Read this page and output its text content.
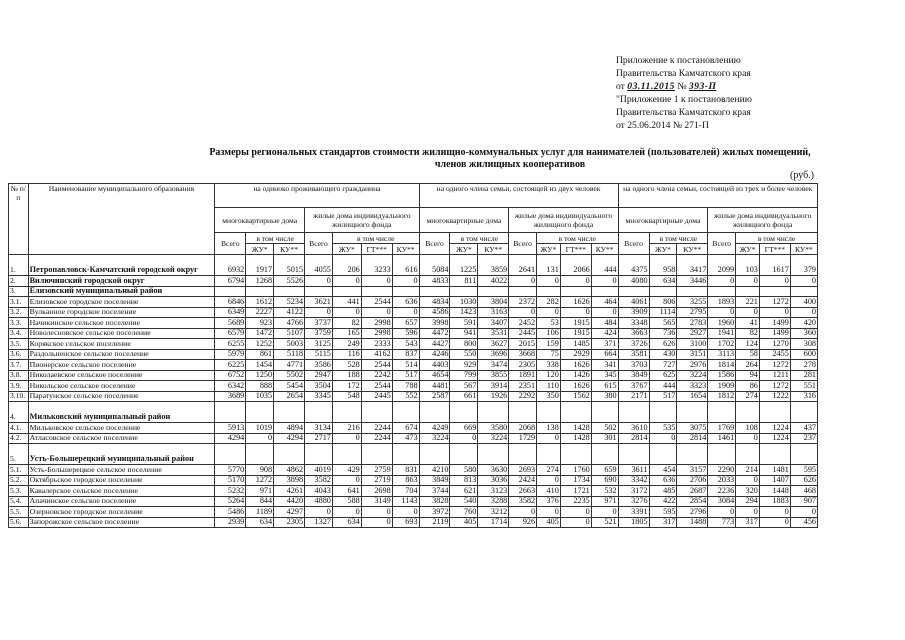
Приложение к постановлению
Правительства Камчатского края
от 03.11.2015 № 393-П
"Приложение 1 к постановлению
Правительства Камчатского края
от 25.06.2014 № 271-П
Размеры региональных стандартов стоимости жилищно-коммунальных услуг для нанимателей (пользователей) жилых помещений, членов жилищных кооперативов
(руб.)
№ п/п	Наименование муниципального образования	на одиноко проживающего гражданина							на одного члена семьи, состоящей из двух человек							на одного члена семьи, состоящей из трех и более человек						
		многоквартирные дома			жилые дома индивидуального жилищного фонда				многоквартирные дома			жилые дома индивидуального жилищного фонда				многоквартирные дома			жилые дома индивидуального жилищного фонда			
		Всего	в том числе		Всего	в том числе			Всего	в том числе		Всего	в том числе			Всего	в том числе		Всего	в том числе		
			ЖУ*	КУ**		ЖУ*	ГТ***	КУ**		ЖУ*	КУ**		ЖУ*	ГТ***	КУ**		ЖУ*	КУ**		ЖУ*	ГТ***	КУ**
1.	Петропавловск-Камчатский городской округ	6932	1917	5015	4055	206	3233	616	5084	1225	3859	2641	131	2066	444	4375	958	3417	2099	103	1617	379
2.	Вилючинский городской округ	6794	1268	5526	0	0	0	0	4833	811	4022	0	0	0	0	4080	634	3446	0	0	0	0
3.	Елизовский муниципальный район																					
3.1.	Елизовское городское поселение	6846	1612	5234	3621	441	2544	636	4834	1030	3804	2372	282	1626	464	4061	806	3255	1893	221	1272	400
3.2.	Вулканное городское поселение	6349	2227	4122	0	0	0	0	4586	1423	3163	0	0	0	0	3909	1114	2795	0	0	0	0
3.3.	Начикинское сельское поселение	5689	923	4766	3737	82	2998	657	3998	591	3407	2452	53	1915	484	3348	565	2783	1960	41	1499	420
3.4.	Новолесновское сельское поселение	6579	1472	5107	3759	165	2998	596	4472	941	3531	2445	106	1915	424	3663	736	2927	1941	82	1499	360
3.5.	Корякское сельское поселение	6255	1252	5003	3125	249	2333	543	4427	800	3627	2015	159	1485	371	3726	626	3100	1702	124	1270	308
3.6.	Раздольненское сельское поселение	5979	861	5118	5115	116	4162	837	4246	550	3696	3668	75	2929	664	3581	430	3151	3113	58	2455	600
3.7.	Пионерское сельское поселение	6225	1454	4771	3586	528	2544	514	4403	929	3474	2305	338	1626	341	3703	727	2976	1814	264	1272	278
3.8.	Николаевское сельское поселение	6752	1250	5502	2947	188	2242	517	4654	799	3855	1891	120	1426	345	3849	625	3224	1586	94	1211	281
3.9.	Никольское сельское поселение	6342	888	5454	3504	172	2544	788	4481	567	3914	2351	110	1626	615	3767	444	3323	1909	86	1272	551
3.10.	Паратунское сельское поселение	3689	1035	2654	3345	548	2445	552	2587	661	1926	2292	350	1562	380	2171	517	1654	1812	274	1222	316
4.	Мильковский муниципальный район																					
4.1.	Мильковское сельское поселение	5913	1019	4894	3134	216	2244	674	4249	669	3580	2068	138	1428	502	3610	535	3075	1769	108	1224	437
4.2.	Атласовское сельское поселение	4294	0	4294	2717	0	2244	473	3224	0	3224	1729	0	1428	301	2814	0	2814	1461	0	1224	237
5.	Усть-Большерецкий муниципальный район																					
5.1.	Усть-Большерецкое сельское поселение	5770	908	4862	4019	429	2759	831	4210	580	3630	2693	274	1760	659	3611	454	3157	2290	214	1481	595
5.2.	Октябрьское городское поселение	5170	1272	3898	3582	0	2719	863	3849	813	3036	2424	0	1734	690	3342	636	2706	2033	0	1407	626
5.3.	Кавалерское сельское поселение	5232	971	4261	4043	641	2698	704	3744	621	3123	2663	410	1721	532	3172	485	2687	2236	320	1448	468
5.4.	Апачинское сельское поселение	5264	844	4420	4880	588	3149	1143	3828	540	3288	3582	376	2235	971	3276	422	2854	3084	294	1883	907
5.5.	Озерновское городское поселение	5486	1189	4297	0	0	0	0	3972	760	3212	0	0	0	0	3391	595	2796	0	0	0	0
5.6.	Запорожское сельское поселение	2939	634	2305	1327	634	0	693	2119	405	1714	926	405	0	521	1805	317	1488	773	317	0	456
